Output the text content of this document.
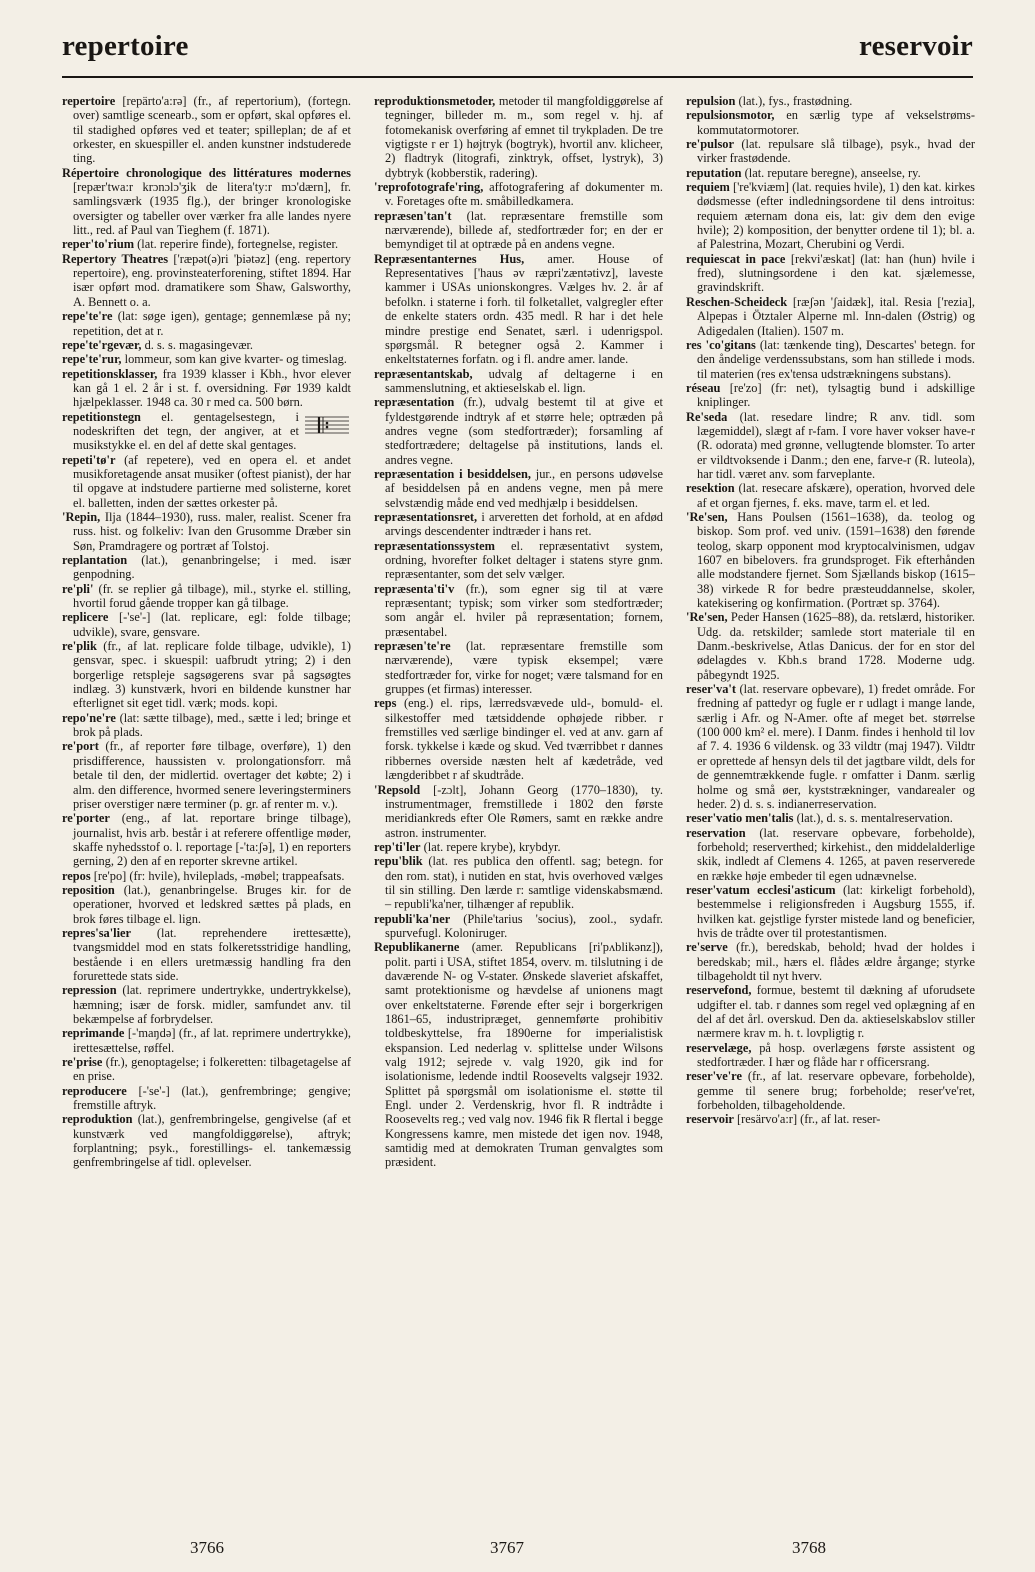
repertoire	reservoir

repertoire [repärto'a:rə] (fr., af repertorium), (fortegn. over) samtlige scenearb., som er opført, skal opføres el. til stadighed opføres ved et teater; spilleplan; de af et orkester, en skuespiller el. anden kunstner indstuderede ting.

Répertoire chronologique des littératures modernes [repær'twa:r krɔnɔlɔ'ʒik de litera'ty:r mɔ'dærn], fr. samlingsværk (1935 flg.), der bringer kronologiske oversigter og tabeller over værker fra alle landes nyere litt., red. af Paul van Tieghem (f. 1871).

reper'to'rium (lat. reperire finde), fortegnelse, register.

Repertory Theatres ['ræpət(ə)ri 'þiətəz] (eng. repertory repertoire), eng. provinsteaterforening, stiftet 1894. Har især opført mod. dramatikere som Shaw, Galsworthy, A. Bennett o. a.

repe'te're (lat: søge igen), gentage; gennemlæse på ny; repetition, det at r.

repe'te'rgevær, d. s. s. magasingevær.

repe'te'rur, lommeur, som kan give kvarter- og timeslag.

repetitionsklasser, fra 1939 klasser i Kbh., hvor elever kan gå 1 el. 2 år i st. f. oversidning. Før 1939 kaldt hjælpeklasser. 1948 ca. 30 r med ca. 500 børn.

repetitionstegn el. gentagelsestegn, i nodeskriften det tegn, der angiver, at et musikstykke el. en del af dette skal gentages.

repeti'tø'r (af repetere), ved en opera el. et andet musikforetagende ansat musiker (oftest pianist), der har til opgave at indstudere partierne med solisterne, koret el. balletten, inden der sættes orkester på.

'Repin, Ilja (1844–1930), russ. maler, realist. Scener fra russ. hist. og folkeliv: Ivan den Grusomme Dræber sin Søn, Pramdragere og portræt af Tolstoj.

replantation (lat.), genanbringelse; i med. især genpodning.

re'pli' (fr. se replier gå tilbage), mil., styrke el. stilling, hvortil forud gående tropper kan gå tilbage.

replicere [-'se'-] (lat. replicare, egl: folde tilbage; udvikle), svare, gensvare.

re'plik (fr., af lat. replicare folde tilbage, udvikle), 1) gensvar, spec. i skuespil: uafbrudt ytring; 2) i den borgerlige retspleje sagsøgerens svar på sagsøgtes indlæg. 3) kunstværk, hvori en bildende kunstner har efterlignet sit eget tidl. værk; mods. kopi.

repo'ne're (lat: sætte tilbage), med., sætte i led; bringe et brok på plads.

re'port (fr., af reporter føre tilbage, overføre), 1) den prisdifference, haussisten v. prolongationsforr. må betale til den, der midlertid. overtager det købte; 2) i alm. den difference, hvormed senere leveringsterminers priser overstiger nære terminer (p. gr. af renter m. v.).

re'porter (eng., af lat. reportare bringe tilbage), journalist, hvis arb. består i at referere offentlige møder, skaffe nyhedsstof o. l. reportage [-'ta:ʃə], 1) en reporters gerning, 2) den af en reporter skrevne artikel.

repos [re'po] (fr: hvile), hvileplads, -møbel; trappeafsats.

reposition (lat.), genanbringelse. Bruges kir. for de operationer, hvorved et ledskred sættes på plads, en brok føres tilbage el. lign.

repres'sa'lier (lat. reprehendere irettesætte), tvangsmiddel mod en stats folkeretsstridige handling, bestående i en ellers uretmæssig handling fra den forurettede stats side.

repression (lat. reprimere undertrykke, undertrykkelse), hæmning; især de forsk. midler, samfundet anv. til bekæmpelse af forbrydelser.

reprimande [-'maŋdə] (fr., af lat. reprimere undertrykke), irettesættelse, røffel.

re'prise (fr.), genoptagelse; i folkeretten: tilbagetagelse af en prise.

reproducere [-'se'-] (lat.), genfrembringe; gengive; fremstille aftryk.

reproduktion (lat.), genfrembringelse, gengivelse (af et kunstværk ved mangfoldiggørelse), aftryk; forplantning; psyk., forestillings- el. tankemæssig genfrembringelse af tidl. oplevelser.

reproduktionsmetoder, metoder til mangfoldiggørelse af tegninger, billeder m. m., som regel v. hj. af fotomekanisk overføring af emnet til trykpladen. De tre vigtigste r er 1) højtryk (bogtryk), hvortil anv. klicheer, 2) fladtryk (litografi, zinktryk, offset, lystryk), 3) dybtryk (kobberstik, radering).

'reprofotografe'ring, affotografering af dokumenter m. v. Foretages ofte m. småbilledkamera.

repræsen'tan't (lat. repræsentare fremstille som nærværende), billede af, stedfortræder for; en der er bemyndiget til at optræde på en andens vegne.

Repræsentanternes Hus, amer. House of Representatives ['haus əv ræpri'zæntətivz], laveste kammer i USAs unionskongres. Vælges hv. 2. år af befolkn. i staterne i forh. til folketallet, valgregler efter de enkelte staters ordn. 435 medl. R har i det hele mindre prestige end Senatet, særl. i udenrigspol. spørgsmål. R betegner også 2. Kammer i enkeltstaternes forfatn. og i fl. andre amer. lande.

repræsentantskab, udvalg af deltagerne i en sammenslutning, et aktieselskab el. lign.

repræsentation (fr.), udvalg bestemt til at give et fyldestgørende indtryk af et større hele; optræden på andres vegne (som stedfortræder); forsamling af stedfortrædere; deltagelse på institutions, lands el. andres vegne.

repræsentation i besiddelsen, jur., en persons udøvelse af besiddelsen på en andens vegne, men på mere selvstændig måde end ved medhjælp i besiddelsen.

repræsentationsret, i arveretten det forhold, at en afdød arvings descendenter indtræder i hans ret.

repræsentationssystem el. repræsentativt system, ordning, hvorefter folket deltager i statens styre gnm. repræsentanter, som det selv vælger.

repræsenta'ti'v (fr.), som egner sig til at være repræsentant; typisk; som virker som stedfortræder; som angår el. hviler på repræsentation; fornem, præsentabel.

repræsen'te're (lat. repræsentare fremstille som nærværende), være typisk eksempel; være stedfortræder for, virke for noget; være talsmand for en gruppes (et firmas) interesser.

reps (eng.) el. rips, lærredsvævede uld-, bomuld- el. silkestoffer med tætsiddende ophøjede ribber. r fremstilles ved særlige bindinger el. ved at anv. garn af forsk. tykkelse i kæde og skud. Ved tværribbet r dannes ribbernes overside næsten helt af kædetråde, ved længderibbet r af skudtråde.

'Repsold [-zɔlt], Johann Georg (1770–1830), ty. instrumentmager, fremstillede i 1802 den første meridiankreds efter Ole Rømers, samt en række andre astron. instrumenter.

rep'ti'ler (lat. repere krybe), krybdyr.

repu'blik (lat. res publica den offentl. sag; betegn. for den rom. stat), i nutiden en stat, hvis overhoved vælges til sin stilling. Den lærde r: samtlige videnskabsmænd. – republi'ka'ner, tilhænger af republik.

republi'ka'ner (Phile'tarius 'socius), zool., sydafr. spurvefugl. Koloniruger.

Republikanerne (amer. Republicans [ri'pʌblikənz]), polit. parti i USA, stiftet 1854, overv. m. tilslutning i de daværende N- og V-stater. Ønskede slaveriet afskaffet, samt protektionisme og hævdelse af unionens magt over enkeltstaterne. Førende efter sejr i borgerkrigen 1861–65, industripræget, gennemførte prohibitiv toldbeskyttelse, fra 1890erne for imperialistisk ekspansion. Led nederlag v. splittelse under Wilsons valg 1912; sejrede v. valg 1920, gik ind for isolationisme, ledende indtil Roosevelts valgsejr 1932. Splittet på spørgsmål om isolationisme el. støtte til Engl. under 2. Verdenskrig, hvor fl. R indtrådte i Roosevelts reg.; ved valg nov. 1946 fik R flertal i begge Kongressens kamre, men mistede det igen nov. 1948, samtidig med at demokraten Truman genvalgtes som præsident.

repulsion (lat.), fys., frastødning.

repulsionsmotor, en særlig type af vekselstrøms-kommutatormotorer.

re'pulsor (lat. repulsare slå tilbage), psyk., hvad der virker frastødende.

reputation (lat. reputare beregne), anseelse, ry.

requiem ['re'kviæm] (lat. requies hvile), 1) den kat. kirkes dødsmesse (efter indledningsordene til dens introitus: requiem æternam dona eis, lat: giv dem den evige hvile); 2) komposition, der benytter ordene til 1); bl. a. af Palestrina, Mozart, Cherubini og Verdi.

requiescat in pace [rekvi'æskat] (lat: han (hun) hvile i fred), slutningsordene i den kat. sjælemesse, gravindskrift.

Reschen-Scheideck [ræʃən 'ʃaidæk], ital. Resia ['rezia], Alpepas i Ötztaler Alperne ml. Inn-dalen (Østrig) og Adigedalen (Italien). 1507 m.

res 'co'gitans (lat: tænkende ting), Descartes' betegn. for den åndelige verdenssubstans, som han stillede i mods. til materien (res ex'tensa udstrækningens substans).

réseau [re'zo] (fr: net), tylsagtig bund i adskillige kniplinger.

Re'seda (lat. resedare lindre; R anv. tidl. som lægemiddel), slægt af r-fam. I vore haver vokser have-r (R. odorata) med grønne, vellugtende blomster. To arter er vildtvoksende i Danm.; den ene, farve-r (R. luteola), har tidl. været anv. som farveplante.

resektion (lat. resecare afskære), operation, hvorved dele af et organ fjernes, f. eks. mave, tarm el. et led.

'Re'sen, Hans Poulsen (1561–1638), da. teolog og biskop. Som prof. ved univ. (1591–1638) den førende teolog, skarp opponent mod kryptocalvinismen, udgav 1607 en bibelovers. fra grundsproget. Fik efterhånden alle modstandere fjernet. Som Sjællands biskop (1615–38) virkede R for bedre præsteuddannelse, skoler, katekisering og konfirmation. (Portræt sp. 3764).

'Re'sen, Peder Hansen (1625–88), da. retslærd, historiker. Udg. da. retskilder; samlede stort materiale til en Danm.-beskrivelse, Atlas Danicus. der for en stor del ødelagdes v. Kbh.s brand 1728. Moderne udg. påbegyndt 1925.

reser'va't (lat. reservare opbevare), 1) fredet område. For fredning af pattedyr og fugle er r udlagt i mange lande, særlig i Afr. og N-Amer. ofte af meget bet. størrelse (100 000 km² el. mere). I Danm. findes i henhold til lov af 7. 4. 1936 6 vildensk. og 33 vildtr (maj 1947). Vildtr er oprettede af hensyn dels til det jagtbare vildt, dels for de gennemtrækkende fugle. r omfatter i Danm. særlig holme og små øer, kyststrækninger, vandarealer og heder. 2) d. s. s. indianerreservation.

reser'vatio men'talis (lat.), d. s. s. mentalreservation.

reservation (lat. reservare opbevare, forbeholde), forbehold; reserverthed; kirkehist., den middelalderlige skik, indledt af Clemens 4. 1265, at paven reserverede en række høje embeder til egen udnævnelse.

reser'vatum ecclesi'asticum (lat: kirkeligt forbehold), bestemmelse i religionsfreden i Augsburg 1555, if. hvilken kat. gejstlige fyrster mistede land og beneficier, hvis de trådte over til protestantismen.

re'serve (fr.), beredskab, behold; hvad der holdes i beredskab; mil., hærs el. flådes ældre årgange; styrke tilbageholdt til nyt hverv.

reservefond, formue, bestemt til dækning af uforudsete udgifter el. tab. r dannes som regel ved oplægning af en del af det årl. overskud. Den da. aktieselskabslov stiller nærmere krav m. h. t. lovpligtig r.

reservelæge, på hosp. overlægens første assistent og stedfortræder. I hær og flåde har r officersrang.

reser've're (fr., af lat. reservare opbevare, forbeholde), gemme til senere brug; forbeholde; reser've'ret, forbeholden, tilbageholdende.

reservoir [resärvo'a:r] (fr., af lat. reser-

3766	3767	3768
